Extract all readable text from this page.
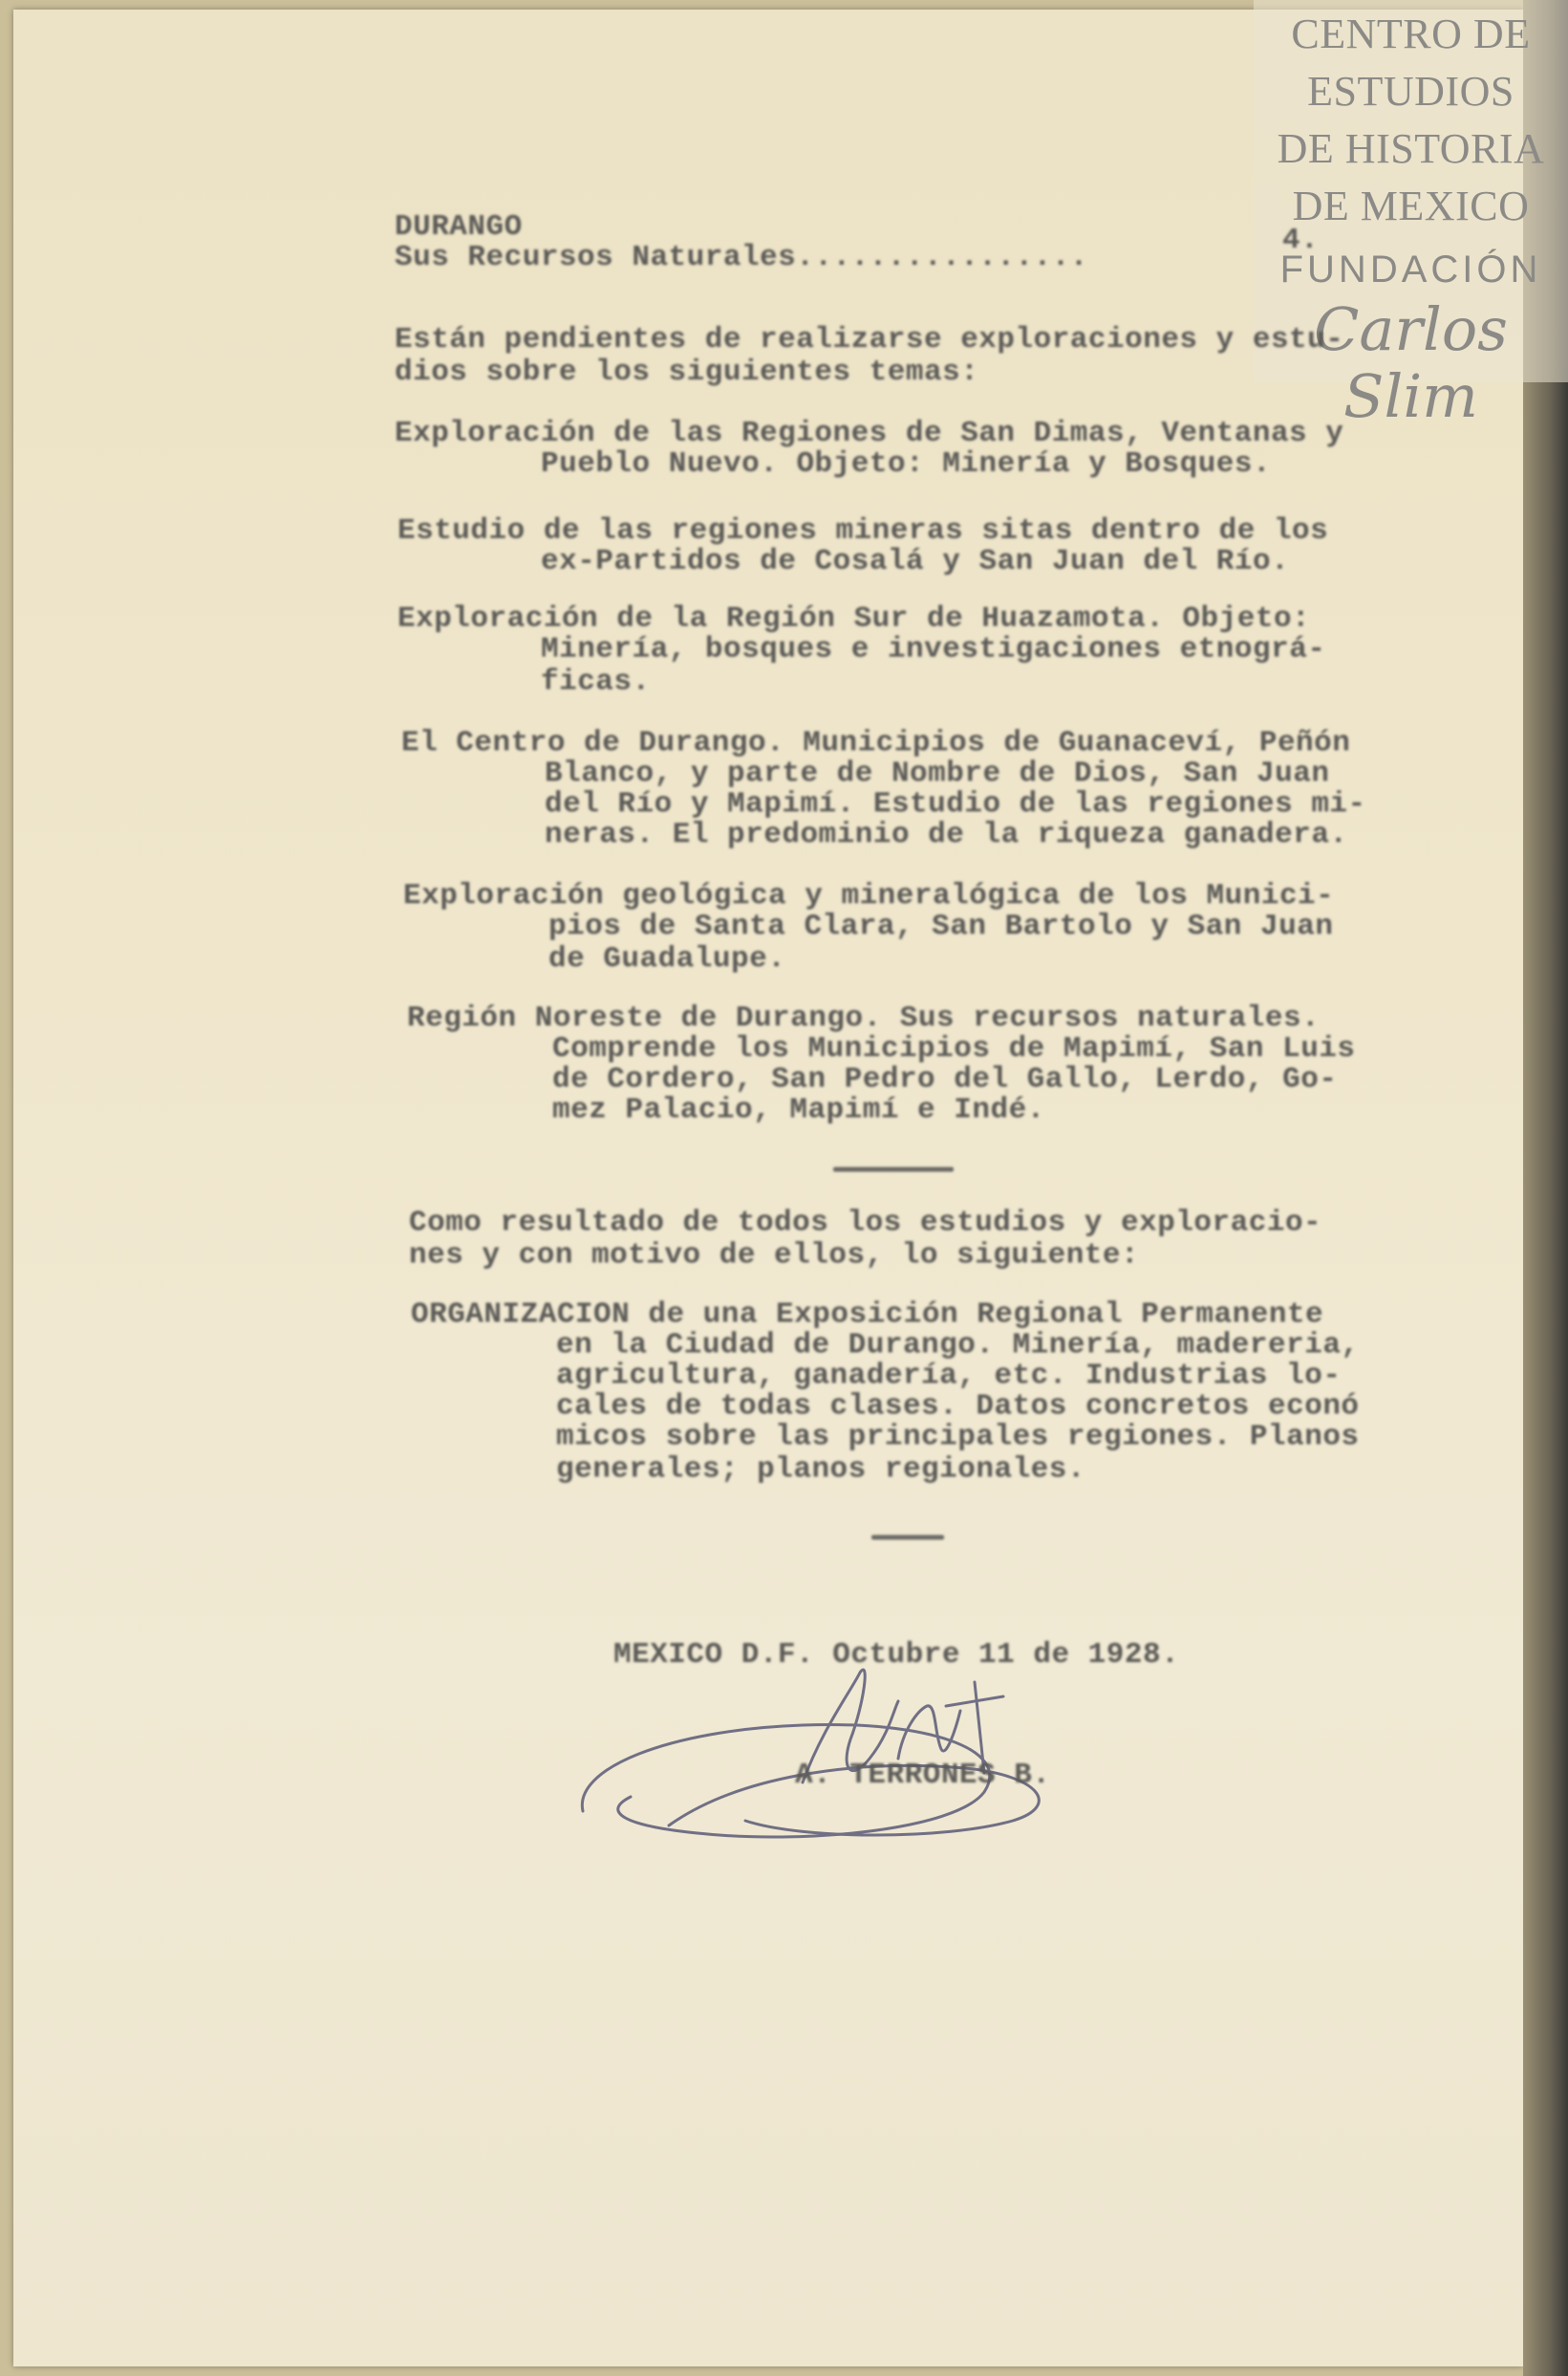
CENTRO DE
ESTUDIOS
DE HISTORIA
DE MEXICO
FUNDACIÓN
Carlos Slim
DURANGO
Sus Recursos Naturales................
4.
Están pendientes de realizarse exploraciones y estu-
dios sobre los siguientes temas:
Exploración de las Regiones de San Dimas, Ventanas y
Pueblo Nuevo. Objeto: Minería y Bosques.
Estudio de las regiones mineras sitas dentro de los
ex-Partidos de Cosalá y San Juan del Río.
Exploración de la Región Sur de Huazamota. Objeto:
Minería, bosques e investigaciones etnográ-
ficas.
El Centro de Durango. Municipios de Guanaceví, Peñón
Blanco, y parte de Nombre de Dios, San Juan
del Río y Mapimí. Estudio de las regiones mi-
neras. El predominio de la riqueza ganadera.
Exploración geológica y mineralógica de los Munici-
pios de Santa Clara, San Bartolo y San Juan
de Guadalupe.
Región Noreste de Durango. Sus recursos naturales.
Comprende los Municipios de Mapimí, San Luis
de Cordero, San Pedro del Gallo, Lerdo, Go-
mez Palacio, Mapimí e Indé.
Como resultado de todos los estudios y exploracio-
nes y con motivo de ellos, lo siguiente:
ORGANIZACION de una Exposición Regional Permanente
en la Ciudad de Durango. Minería, madereria,
agricultura, ganadería, etc. Industrias lo-
cales de todas clases. Datos concretos econó
micos sobre las principales regiones. Planos
generales; planos regionales.
MEXICO D.F. Octubre 11 de 1928.
A. TERRONES B.
